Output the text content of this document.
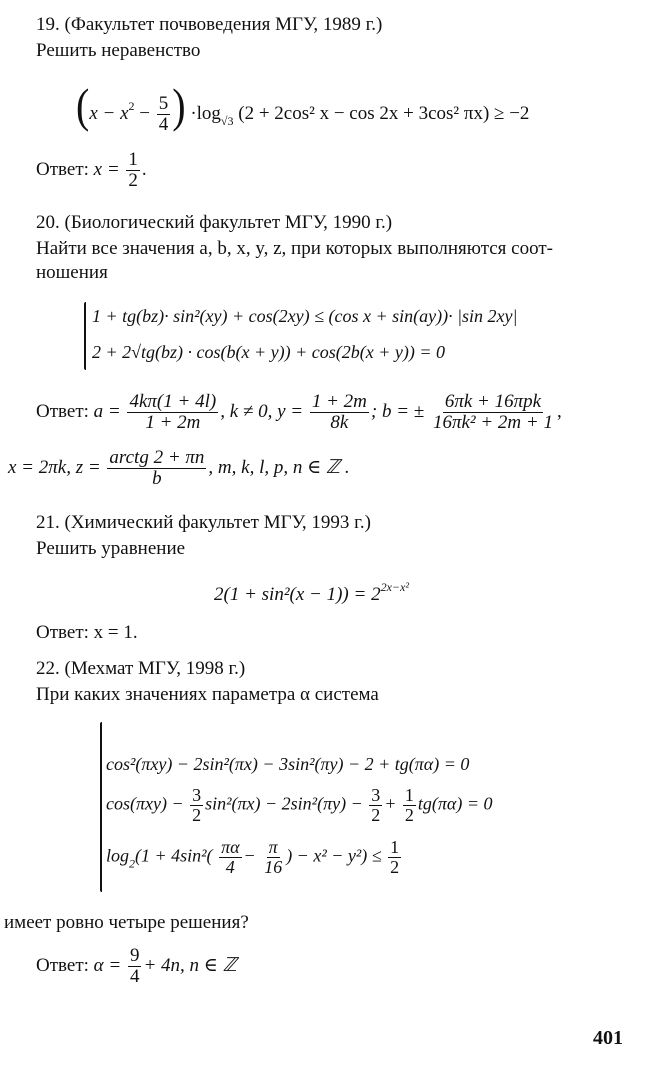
19. (Факультет почвоведения МГУ, 1989 г.)
Решить неравенство
($x - x^2 - \frac{5}{4}$ ) $\cdot\log_{√3}$ (2 + 2cos² x − cos 2x + 3cos² πx) ≥ −2
Ответ: $x = \frac{1}{2}$ .
20. (Биологический факультет МГУ, 1990 г.)
Найти все значения a, b, x, y, z, при которых выполняются соот-
ношения
1 + tg(bz)· sin²(xy) + cos(2xy) ≤ (cos x + sin(ay))· |sin 2xy|
2 + 2√tg(bz) · cos(b(x + y)) + cos(2b(x + y)) = 0
Ответ: $a = \frac{4k\pi(1 + 4l)}{1 + 2m}$ , k ≠ 0, $y = \frac{1 + 2m}{8k}$ ; b = ± $\frac{\text{6πk + 16πpk}}{\text{16πk² + 2m + 1}}$ ,
x = 2πk, $z = \frac{\text{arctg 2 + πn}}{b}$ , m, k, l, p, n ∈ ℤ .
21. (Химический факультет МГУ, 1993 г.)
Решить уравнение
$2(1 + \sin^2(x - 1)) = 2^{2x-x^2}$
Ответ: x = 1.
22. (Мехмат МГУ, 1998 г.)
При каких значениях параметра α система
cos²(πxy) − 2sin²(πx) − 3sin²(πy) − 2 + tg(πα) = 0
$\cos(\pi xy) - \frac{3}{2} \sin^2(\pi x) - 2\sin^2(\pi y) - \frac{3}{2} + \frac{1}{2} tg(\pi\alpha) = 0$
$\log_2(1 + 4\sin^2( \frac{\pi\alpha}{4} - \frac{\pi}{16}$ ) − $x^2 - y^2) \le \frac{1}{2}$
имеет ровно четыре решения?
Ответ: $\alpha = \frac{9}{4} + 4n$, n ∈ ℤ
401
